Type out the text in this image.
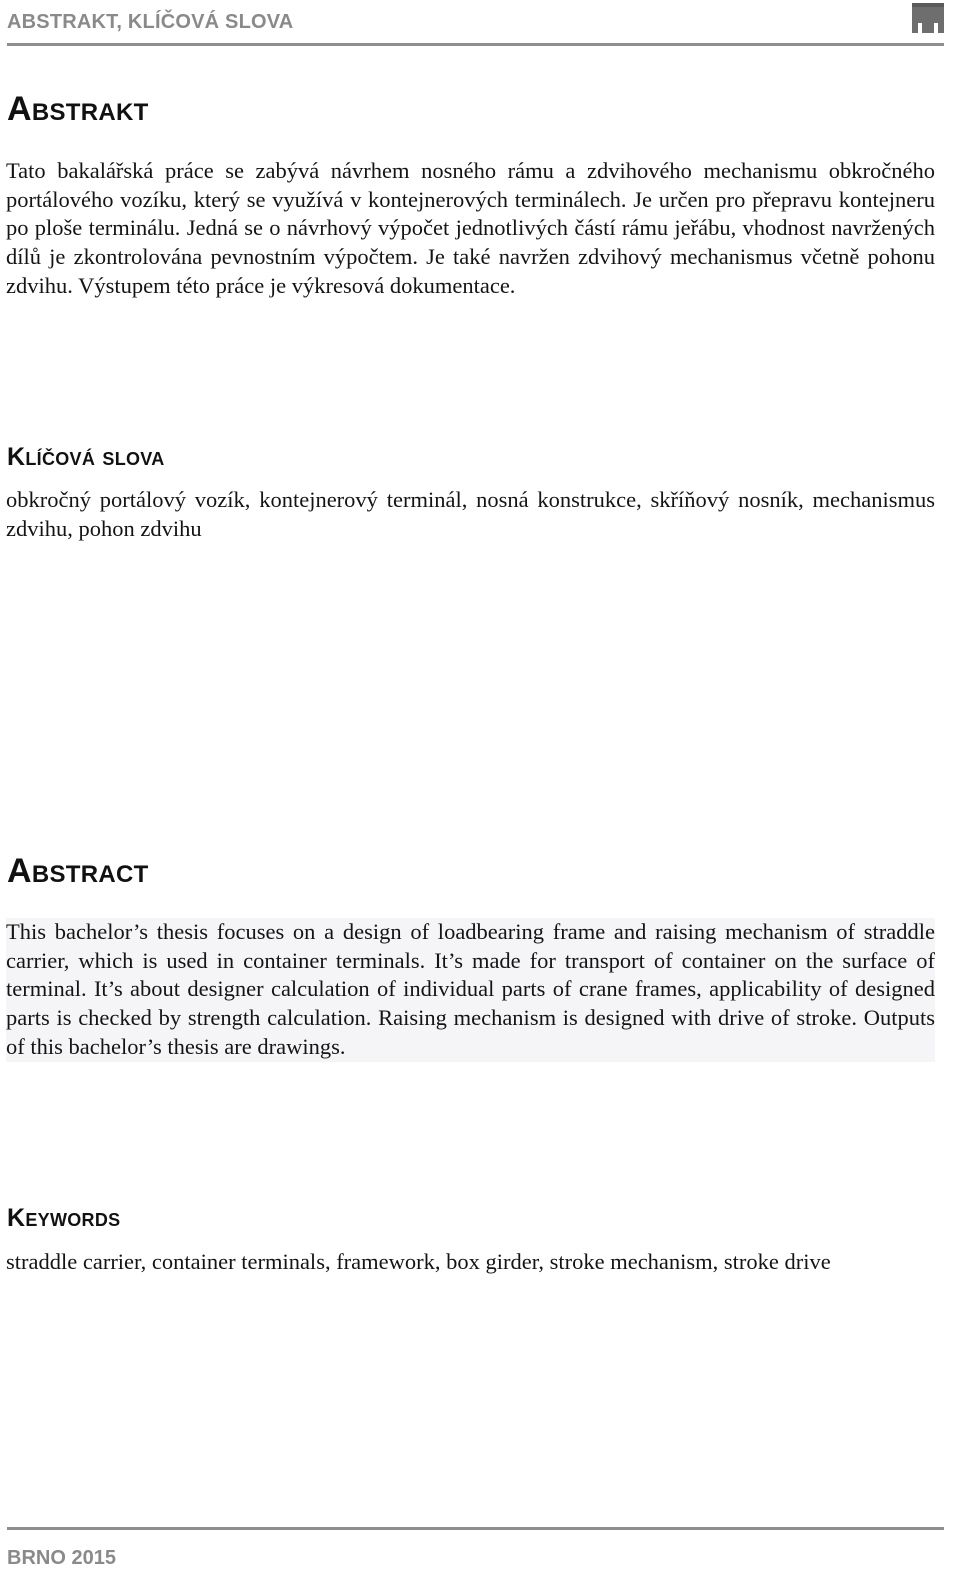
ABSTRAKT, KLÍČOVÁ SLOVA
Abstrakt

Tato bakalářská práce se zabývá návrhem nosného rámu a zdvihového mechanismu obkročného portálového vozíku, který se využívá v kontejnerových terminálech. Je určen pro přepravu kontejneru po ploše terminálu. Jedná se o návrhový výpočet jednotlivých částí rámu jeřábu, vhodnost navržených dílů je zkontrolována pevnostním výpočtem. Je také navržen zdvihový mechanismus včetně pohonu zdvihu. Výstupem této práce je výkresová dokumentace.

Klíčová slova

obkročný portálový vozík, kontejnerový terminál, nosná konstrukce, skříňový nosník, mechanismus zdvihu, pohon zdvihu

Abstract

This bachelor’s thesis focuses on a design of loadbearing frame and raising mechanism of straddle carrier, which is used in container terminals. It’s made for transport of container on the surface of terminal. It’s about designer calculation of individual parts of crane frames, applicability of designed parts is checked by strength calculation. Raising mechanism is designed with drive of stroke. Outputs of this bachelor’s thesis are drawings.

Keywords

straddle carrier, container terminals, framework, box girder, stroke mechanism, stroke drive

BRNO 2015
